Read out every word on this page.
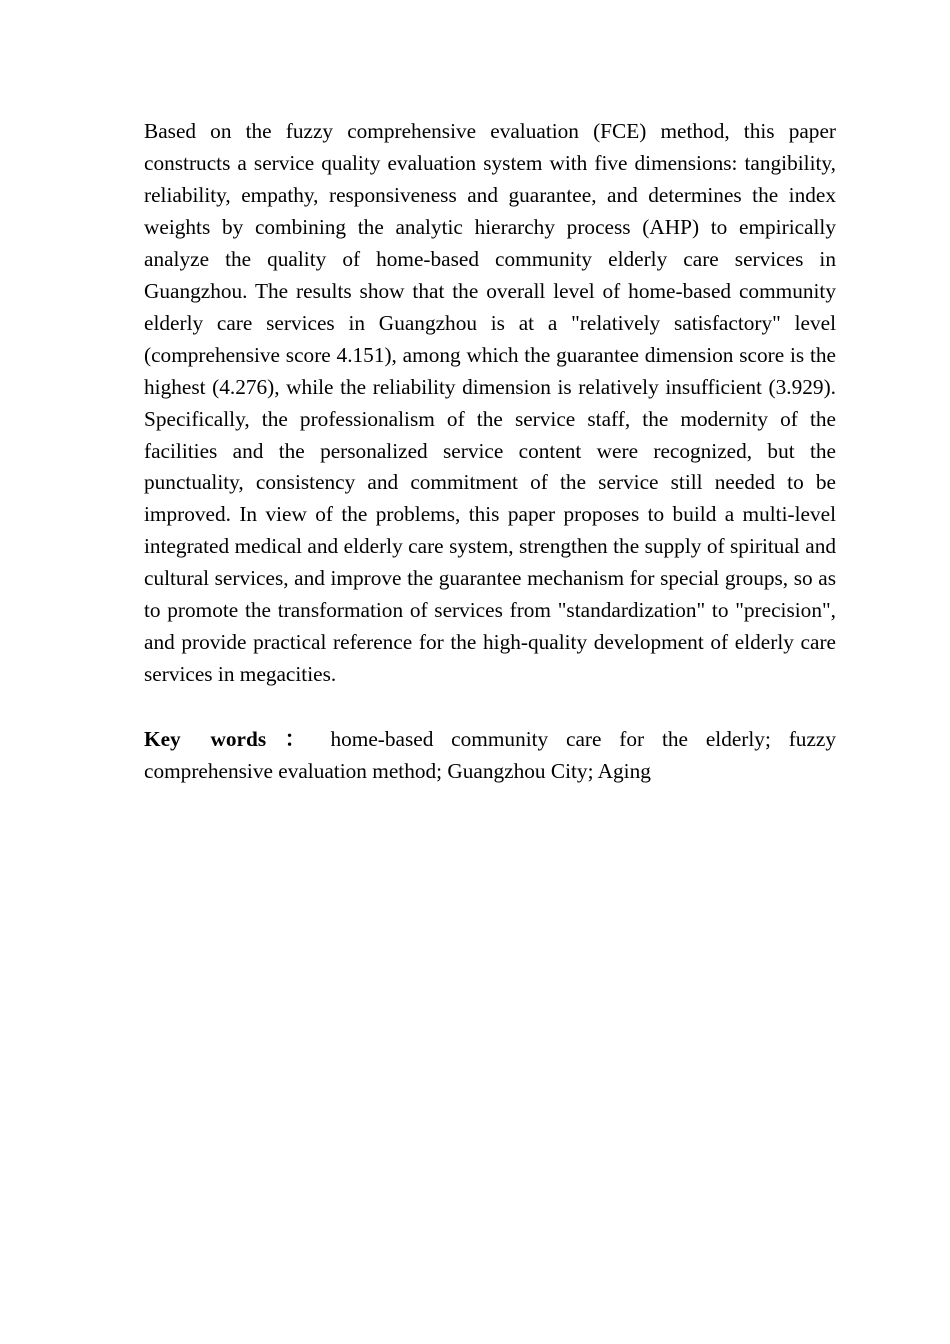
Based on the fuzzy comprehensive evaluation (FCE) method, this paper constructs a service quality evaluation system with five dimensions: tangibility, reliability, empathy, responsiveness and guarantee, and determines the index weights by combining the analytic hierarchy process (AHP) to empirically analyze the quality of home-based community elderly care services in Guangzhou. The results show that the overall level of home-based community elderly care services in Guangzhou is at a "relatively satisfactory" level (comprehensive score 4.151), among which the guarantee dimension score is the highest (4.276), while the reliability dimension is relatively insufficient (3.929). Specifically, the professionalism of the service staff, the modernity of the facilities and the personalized service content were recognized, but the punctuality, consistency and commitment of the service still needed to be improved. In view of the problems, this paper proposes to build a multi-level integrated medical and elderly care system, strengthen the supply of spiritual and cultural services, and improve the guarantee mechanism for special groups, so as to promote the transformation of services from "standardization" to "precision", and provide practical reference for the high-quality development of elderly care services in megacities.

Key words ： home-based community care for the elderly; fuzzy comprehensive evaluation method; Guangzhou City; Aging
